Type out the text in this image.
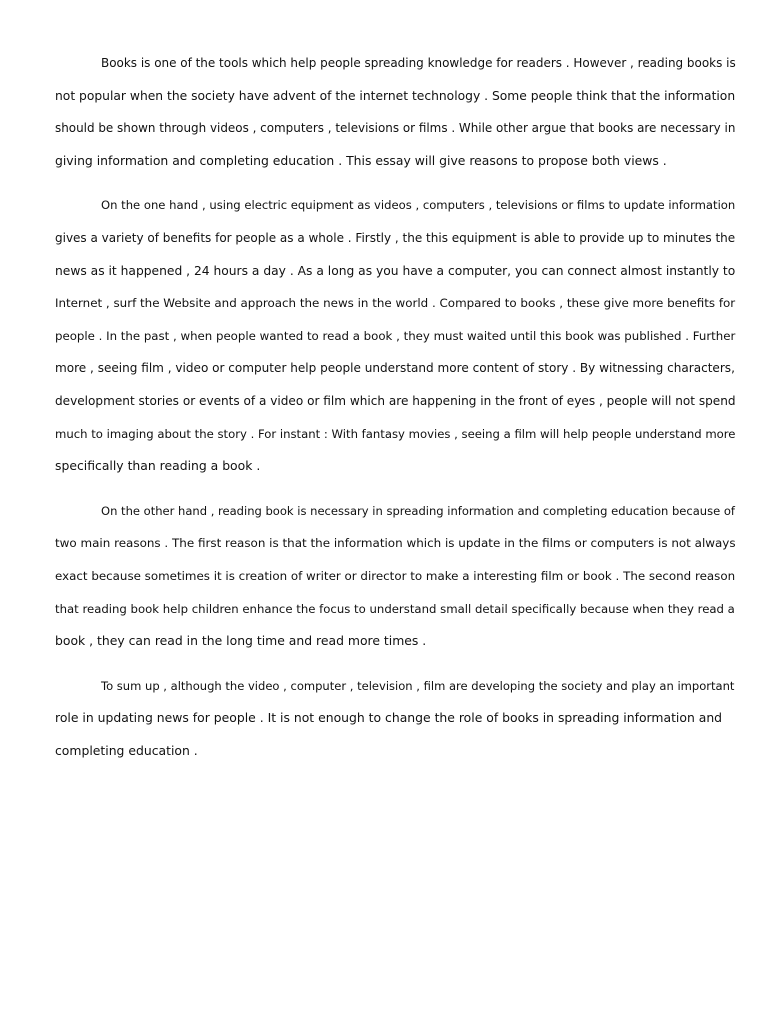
Books is one of the tools which help people spreading knowledge for readers . However , reading books is
not popular when the society have advent of the internet technology . Some people think that the information
should be shown through videos , computers , televisions or films . While other argue that books are necessary in
giving information and completing education . This essay will give reasons to propose both views .
On the one hand , using electric equipment as videos , computers , televisions or films to update information
gives a variety of benefits for people as a whole . Firstly , the this equipment is able to provide up to minutes the
news as it happened , 24 hours a day . As a long as you have a computer, you can connect almost instantly to
Internet , surf the Website and approach the news in the world . Compared to books , these give more benefits for
people . In the past , when people wanted to read a book , they must waited until this book was published . Further
more , seeing film , video or computer help people understand more content of story . By witnessing characters,
development stories or events of a video or film which are happening in the front of eyes , people will not spend
much to imaging about the story . For instant : With fantasy movies , seeing a film will help people understand more
specifically than reading a book .
On the other hand , reading book is necessary in spreading information and completing education because of
two main reasons . The first reason is that the information which is update in the films or computers is not always
exact because sometimes it is creation of writer or director to make a interesting film or book . The second reason
that reading book help children enhance the focus to understand small detail specifically because when they read a
book , they can read in the long time and read more times .
To sum up , although the video , computer , television , film are developing the society and play an important
role in updating news for people . It is not enough to change the role of books in spreading information and
completing education .
